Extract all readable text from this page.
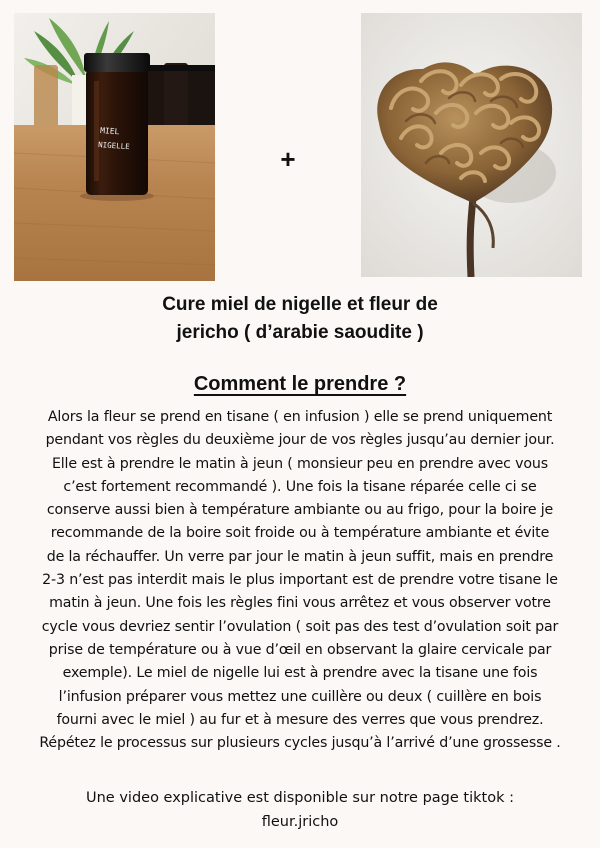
MIEL
NIGELLE	+
Cure miel de nigelle et fleur de
jericho ( d’arabie saoudite )
Comment le prendre ?
Alors la fleur se prend en tisane ( en infusion ) elle se prend uniquement
pendant vos règles du deuxième jour de vos règles jusqu’au dernier jour.
Elle est à prendre le matin à jeun ( monsieur peu en prendre avec vous
c’est fortement recommandé ). Une fois la tisane réparée celle ci se
conserve aussi bien à température ambiante ou au frigo, pour la boire je
recommande de la boire soit froide ou à température ambiante et évite
de la réchauffer. Un verre par jour le matin à jeun suffit, mais en prendre
2-3 n’est pas interdit mais le plus important est de prendre votre tisane le
matin à jeun. Une fois les règles fini vous arrêtez et vous observer votre
cycle vous devriez sentir l’ovulation ( soit pas des test d’ovulation soit par
prise de température ou à vue d’œil en observant la glaire cervicale par
exemple). Le miel de nigelle lui est à prendre avec la tisane une fois
l’infusion préparer vous mettez une cuillère ou deux ( cuillère en bois
fourni avec le miel ) au fur et à mesure des verres que vous prendrez.
Répétez le processus sur plusieurs cycles jusqu’à l’arrivé d’une grossesse .
Une video explicative est disponible sur notre page tiktok :
fleur.jricho
